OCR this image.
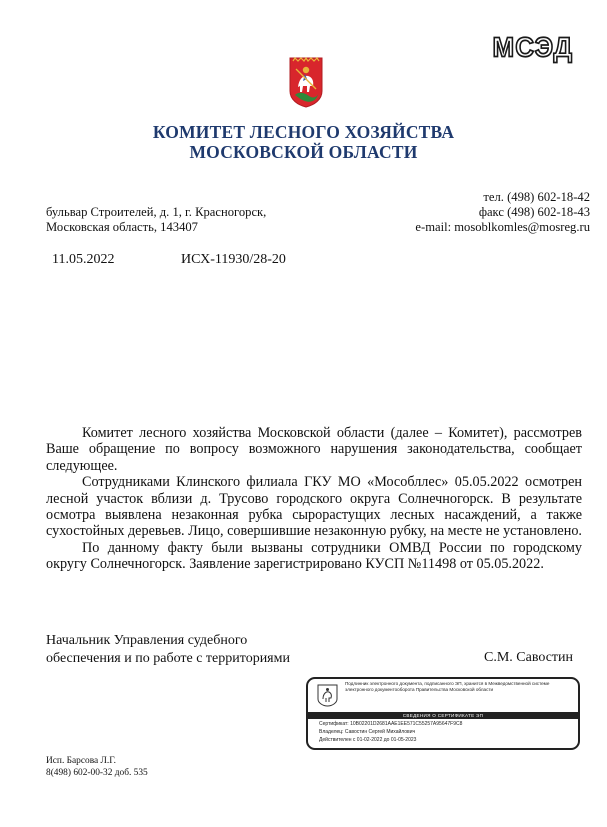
МСЭД
КОМИТЕТ ЛЕСНОГО ХОЗЯЙСТВА
МОСКОВСКОЙ ОБЛАСТИ
бульвар Строителей, д. 1, г. Красногорск,
Московская область, 143407
тел. (498) 602-18-42
факс (498) 602-18-43
e-mail: mosoblkomles@mosreg.ru
11.05.2022	ИСХ-11930/28-20

Комитет лесного хозяйства Московской области (далее – Комитет), рассмотрев Ваше обращение по вопросу возможного нарушения законодательства, сообщает следующее.

Сотрудниками Клинского филиала ГКУ МО «Мособллес» 05.05.2022 осмотрен лесной участок вблизи д. Трусово городского округа Солнечногорск. В результате осмотра выявлена незаконная рубка сырорастущих лесных насаждений, а также сухостойных деревьев. Лицо, совершившие незаконную рубку, на месте не установлено.

По данному факту были вызваны сотрудники ОМВД России по городскому округу Солнечногорск. Заявление зарегистрировано КУСП №11498 от 05.05.2022.

Начальник Управления судебного
обеспечения и по работе с территориями	С.М. Савостин
Подлинник электронного документа, подписанного ЭП, хранится в Межведомственной системе электронного документооборота Правительства Московской области
СВЕДЕНИЯ О СЕРТИФИКАТЕ ЭП
Сертификат: 10B02201D2681AAE1EE571C55257A95647F9C8
Владелец: Савостин Сергей Михайлович
Действителен с 01-02-2022 до 01-05-2023
Исп. Барсова Л.Г.
8(498) 602-00-32 доб. 535
